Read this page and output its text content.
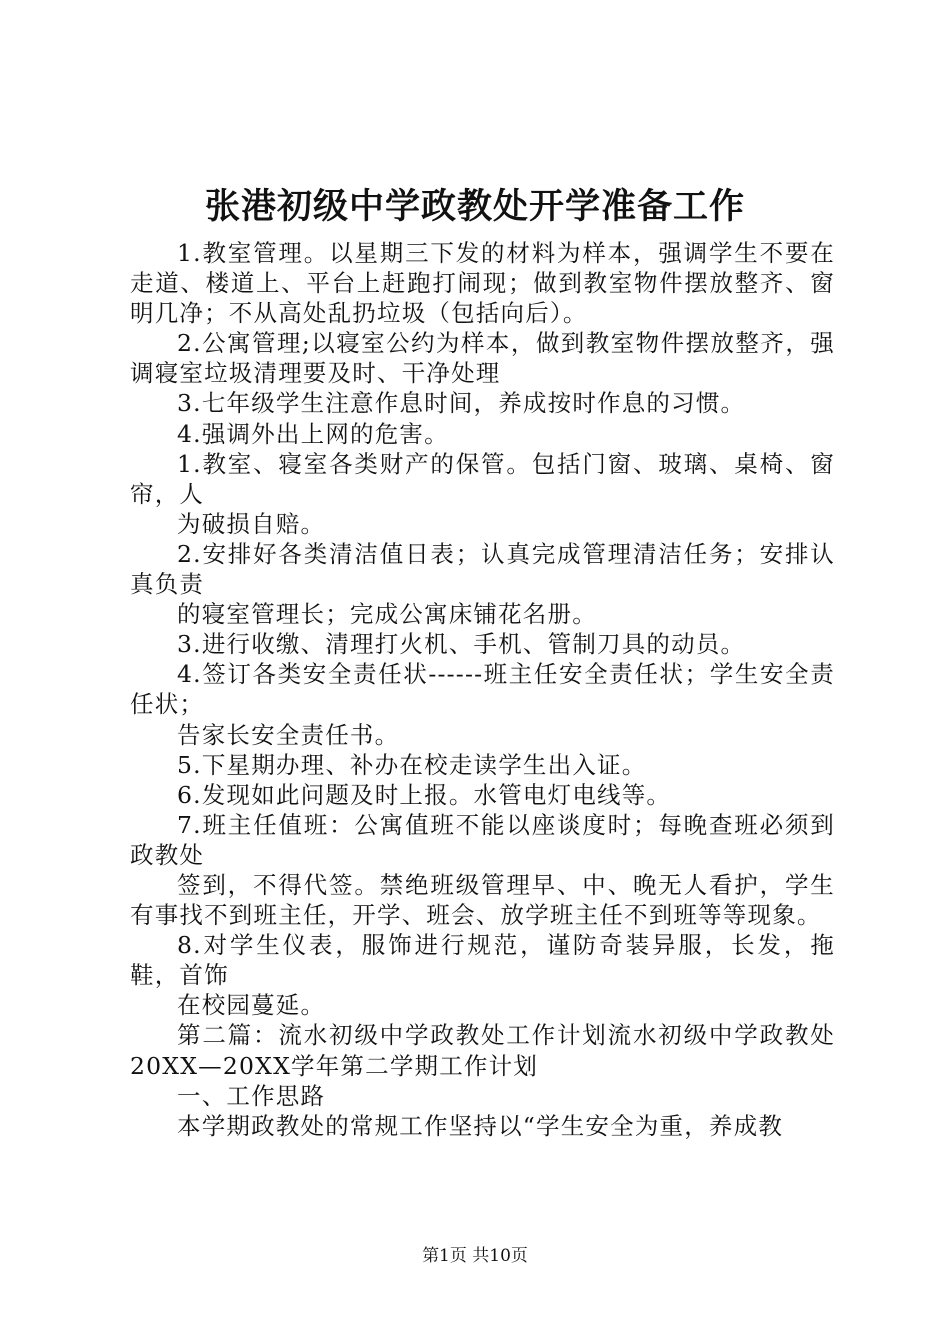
张港初级中学政教处开学准备工作

1.教室管理。以星期三下发的材料为样本，强调学生不要在走道、楼道上、平台上赶跑打闹现；做到教室物件摆放整齐、窗明几净；不从高处乱扔垃圾（包括向后）。

2.公寓管理;以寝室公约为样本，做到教室物件摆放整齐，强调寝室垃圾清理要及时、干净处理

3.七年级学生注意作息时间，养成按时作息的习惯。

4.强调外出上网的危害。

1.教室、寝室各类财产的保管。包括门窗、玻璃、桌椅、窗帘，人

为破损自赔。

2.安排好各类清洁值日表；认真完成管理清洁任务；安排认真负责

的寝室管理长；完成公寓床铺花名册。

3.进行收缴、清理打火机、手机、管制刀具的动员。

4.签订各类安全责任状------班主任安全责任状；学生安全责任状；

告家长安全责任书。

5.下星期办理、补办在校走读学生出入证。

6.发现如此问题及时上报。水管电灯电线等。

7.班主任值班：公寓值班不能以座谈度时；每晚查班必须到政教处

签到，不得代签。禁绝班级管理早、中、晚无人看护，学生有事找不到班主任，开学、班会、放学班主任不到班等等现象。

8.对学生仪表，服饰进行规范，谨防奇装异服，长发，拖鞋，首饰

在校园蔓延。

第二篇：流水初级中学政教处工作计划流水初级中学政教处20XX—20XX学年第二学期工作计划

一、工作思路

本学期政教处的常规工作坚持以“学生安全为重，养成教

第1页 共10页
